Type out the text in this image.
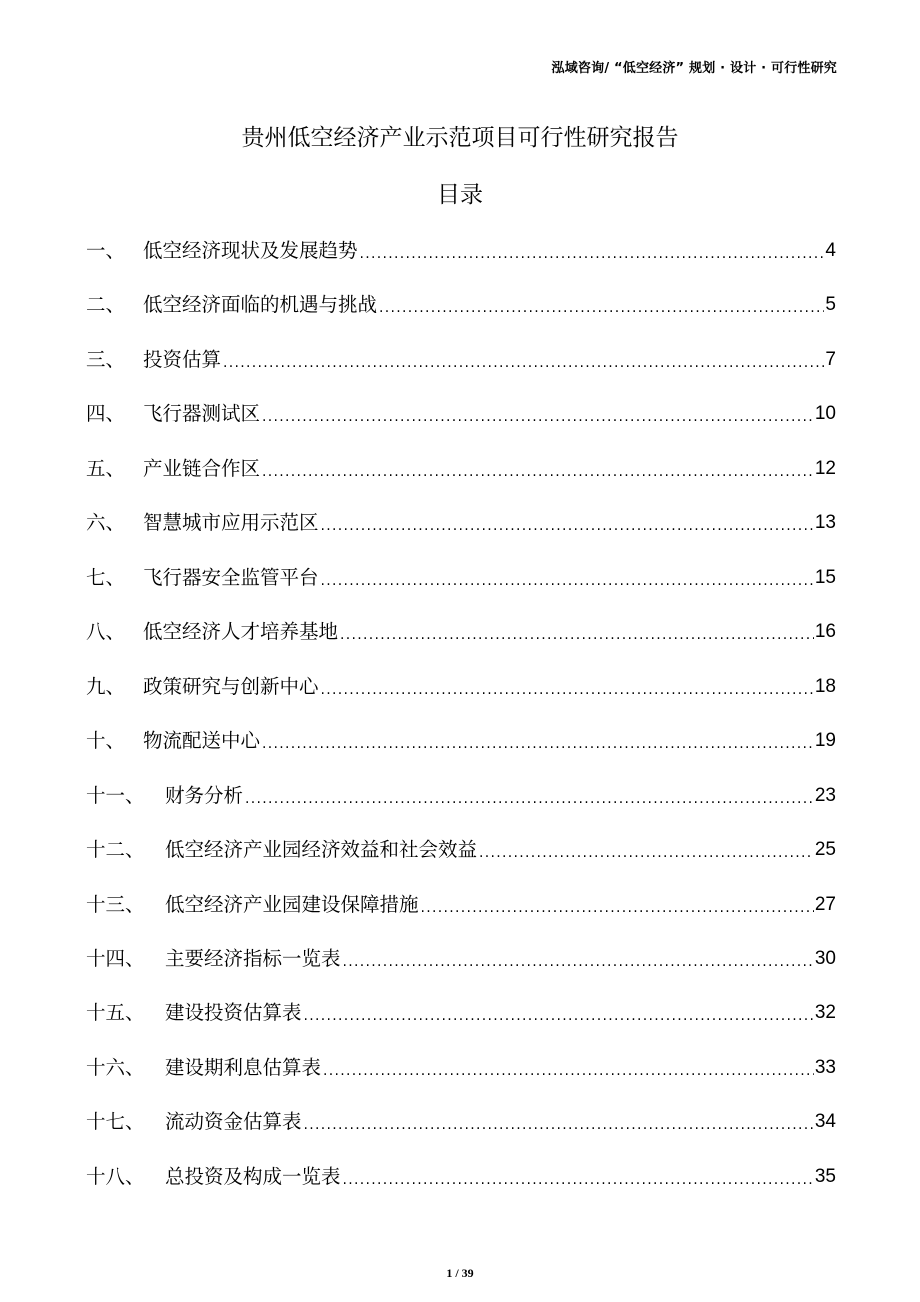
泓域咨询/ “低空经济” 规划 · 设计 · 可行性研究
贵州低空经济产业示范项目可行性研究报告
目录
一、 低空经济现状及发展趋势 .....	4
二、 低空经济面临的机遇与挑战 .....	5
三、 投资估算 .....	7
四、 飞行器测试区 .....	10
五、 产业链合作区 .....	12
六、 智慧城市应用示范区 .....	13
七、 飞行器安全监管平台 .....	15
八、 低空经济人才培养基地 .....	16
九、 政策研究与创新中心 .....	18
十、 物流配送中心 .....	19
十一、	财务分析 .....	23
十二、	低空经济产业园经济效益和社会效益 .....	25
十三、	低空经济产业园建设保障措施 .....	27
十四、	主要经济指标一览表 .....	30
十五、	建设投资估算表 .....	32
十六、	建设期利息估算表 .....	33
十七、	流动资金估算表 .....	34
十八、	总投资及构成一览表 .....	35
1 / 39
